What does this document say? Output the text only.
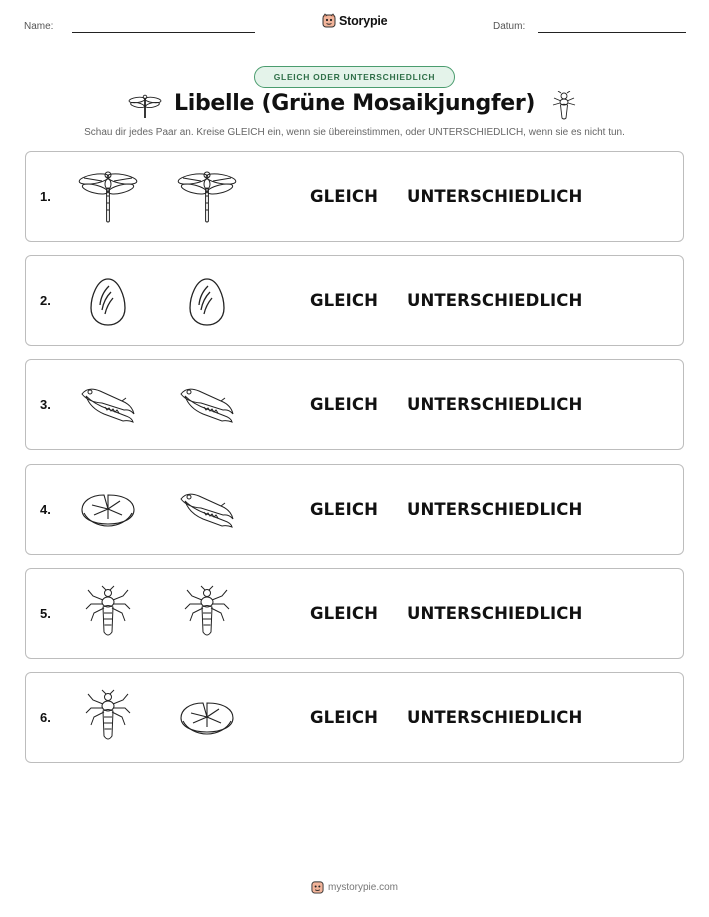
Name:	Storypie	Datum:
GLEICH ODER UNTERSCHIEDLICH
Libelle (Grüne Mosaikjungfer)

Schau dir jedes Paar an. Kreise GLEICH ein, wenn sie übereinstimmen, oder UNTERSCHIEDLICH, wenn sie es nicht tun.

1.	GLEICH UNTERSCHIEDLICH
2.	GLEICH UNTERSCHIEDLICH
3.	GLEICH UNTERSCHIEDLICH
4.	GLEICH UNTERSCHIEDLICH
5.	GLEICH UNTERSCHIEDLICH
6.	GLEICH UNTERSCHIEDLICH
mystorypie.com
